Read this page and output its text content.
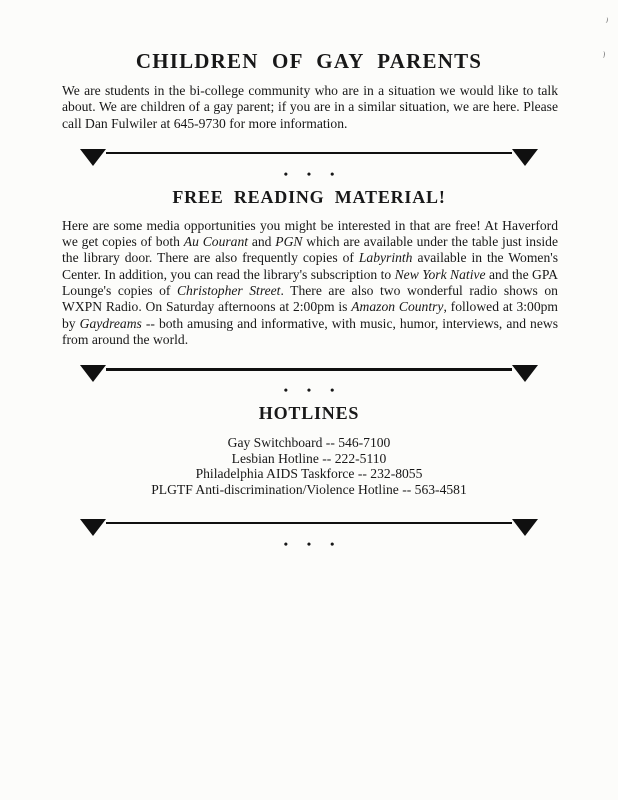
CHILDREN OF GAY PARENTS

We are students in the bi-college community who are in a situation we would like to talk about. We are children of a gay parent; if you are in a similar situation, we are here. Please call Dan Fulwiler at 645-9730 for more information.

• • •
FREE READING MATERIAL!

Here are some media opportunities you might be interested in that are free! At Haverford we get copies of both Au Courant and PGN which are available under the table just inside the library door. There are also frequently copies of Labyrinth available in the Women's Center. In addition, you can read the library's subscription to New York Native and the GPA Lounge's copies of Christopher Street. There are also two wonderful radio shows on WXPN Radio. On Saturday afternoons at 2:00pm is Amazon Country, followed at 3:00pm by Gaydreams -- both amusing and informative, with music, humor, interviews, and news from around the world.

• • •
HOTLINES
Gay Switchboard -- 546-7100
Lesbian Hotline -- 222-5110
Philadelphia AIDS Taskforce -- 232-8055
PLGTF Anti-discrimination/Violence Hotline -- 563-4581
• • •
